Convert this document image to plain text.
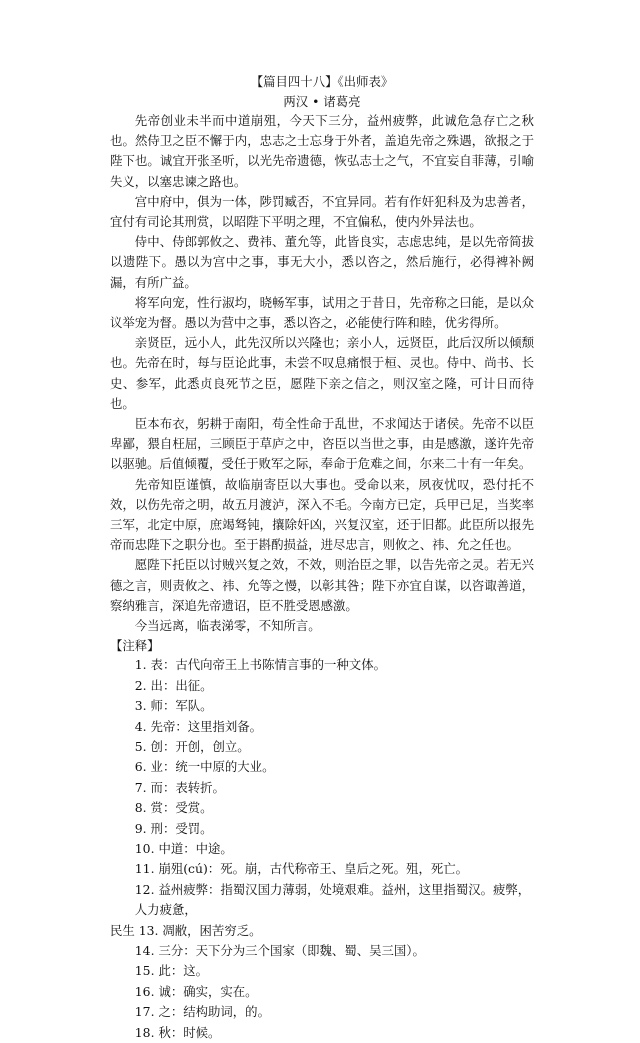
【篇目四十八】《出师表》

两汉 • 诸葛亮

先帝创业未半而中道崩殂，今天下三分，益州疲弊，此诚危急存亡之秋也。然侍卫之臣不懈于内，忠志之士忘身于外者，盖追先帝之殊遇，欲报之于陛下也。诚宜开张圣听，以光先帝遗德，恢弘志士之气，不宜妄自菲薄，引喻失义，以塞忠谏之路也。

宫中府中，俱为一体，陟罚臧否，不宜异同。若有作奸犯科及为忠善者，宜付有司论其刑赏，以昭陛下平明之理，不宜偏私，使内外异法也。

侍中、侍郎郭攸之、费祎、董允等，此皆良实，志虑忠纯，是以先帝简拔以遗陛下。愚以为宫中之事，事无大小，悉以咨之，然后施行，必得裨补阙漏，有所广益。

将军向宠，性行淑均，晓畅军事，试用之于昔日，先帝称之曰能，是以众议举宠为督。愚以为营中之事，悉以咨之，必能使行阵和睦，优劣得所。

亲贤臣，远小人，此先汉所以兴隆也；亲小人，远贤臣，此后汉所以倾颓也。先帝在时，每与臣论此事，未尝不叹息痛恨于桓、灵也。侍中、尚书、长史、参军，此悉贞良死节之臣，愿陛下亲之信之，则汉室之隆，可计日而待也。

臣本布衣，躬耕于南阳，苟全性命于乱世，不求闻达于诸侯。先帝不以臣卑鄙，猥自枉屈，三顾臣于草庐之中，咨臣以当世之事，由是感激，遂许先帝以驱驰。后值倾覆，受任于败军之际，奉命于危难之间，尔来二十有一年矣。

先帝知臣谨慎，故临崩寄臣以大事也。受命以来，夙夜忧叹，恐付托不效，以伤先帝之明，故五月渡泸，深入不毛。今南方已定，兵甲已足，当奖率三军，北定中原，庶竭驽钝，攘除奸凶，兴复汉室，还于旧都。此臣所以报先帝而忠陛下之职分也。至于斟酌损益，进尽忠言，则攸之、祎、允之任也。

愿陛下托臣以讨贼兴复之效，不效，则治臣之罪，以告先帝之灵。若无兴德之言，则责攸之、祎、允等之慢，以彰其咎；陛下亦宜自谋，以咨诹善道，察纳雅言，深追先帝遗诏，臣不胜受恩感激。

今当远离，临表涕零，不知所言。

【注释】

1. 表：古代向帝王上书陈情言事的一种文体。

2. 出：出征。

3. 师：军队。

4. 先帝：这里指刘备。

5. 创：开创，创立。

6. 业：统一中原的大业。

7. 而：表转折。

8. 赏：受赏。

9. 刑：受罚。

10. 中道：中途。

11. 崩殂(cú)：死。崩，古代称帝王、皇后之死。殂，死亡。

12. 益州疲弊：指蜀汉国力薄弱，处境艰难。益州，这里指蜀汉。疲弊，人力疲惫，

民生 13. 凋敝，困苦穷乏。

14. 三分：天下分为三个国家（即魏、蜀、吴三国）。

15. 此：这。

16. 诚：确实，实在。

17. 之：结构助词，的。

18. 秋：时候。
